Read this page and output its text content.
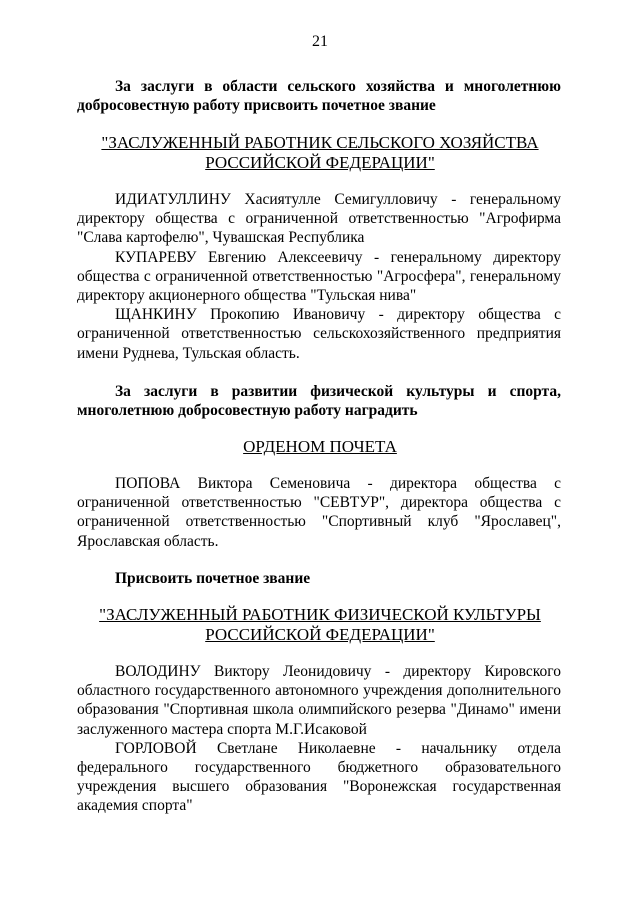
21

За заслуги в области сельского хозяйства и многолетнюю добросовестную работу присвоить почетное звание

"ЗАСЛУЖЕННЫЙ РАБОТНИК СЕЛЬСКОГО ХОЗЯЙСТВА
РОССИЙСКОЙ ФЕДЕРАЦИИ"

ИДИАТУЛЛИНУ Хасиятулле Семигулловичу - генеральному директору общества с ограниченной ответственностью "Агрофирма "Слава картофелю", Чувашская Республика

КУПАРЕВУ Евгению Алексеевичу - генеральному директору общества с ограниченной ответственностью "Агросфера", генеральному директору акционерного общества "Тульская нива"

ЩАНКИНУ Прокопию Ивановичу - директору общества с ограниченной ответственностью сельскохозяйственного предприятия имени Руднева, Тульская область.

За заслуги в развитии физической культуры и спорта, многолетнюю добросовестную работу наградить

ОРДЕНОМ ПОЧЕТА

ПОПОВА Виктора Семеновича - директора общества с ограниченной ответственностью "СЕВТУР", директора общества с ограниченной ответственностью "Спортивный клуб "Ярославец", Ярославская область.

Присвоить почетное звание

"ЗАСЛУЖЕННЫЙ РАБОТНИК ФИЗИЧЕСКОЙ КУЛЬТУРЫ
РОССИЙСКОЙ ФЕДЕРАЦИИ"

ВОЛОДИНУ Виктору Леонидовичу - директору Кировского областного государственного автономного учреждения дополнительного образования "Спортивная школа олимпийского резерва "Динамо" имени заслуженного мастера спорта М.Г.Исаковой

ГОРЛОВОЙ Светлане Николаевне - начальнику отдела федерального государственного бюджетного образовательного учреждения высшего образования "Воронежская государственная академия спорта"
